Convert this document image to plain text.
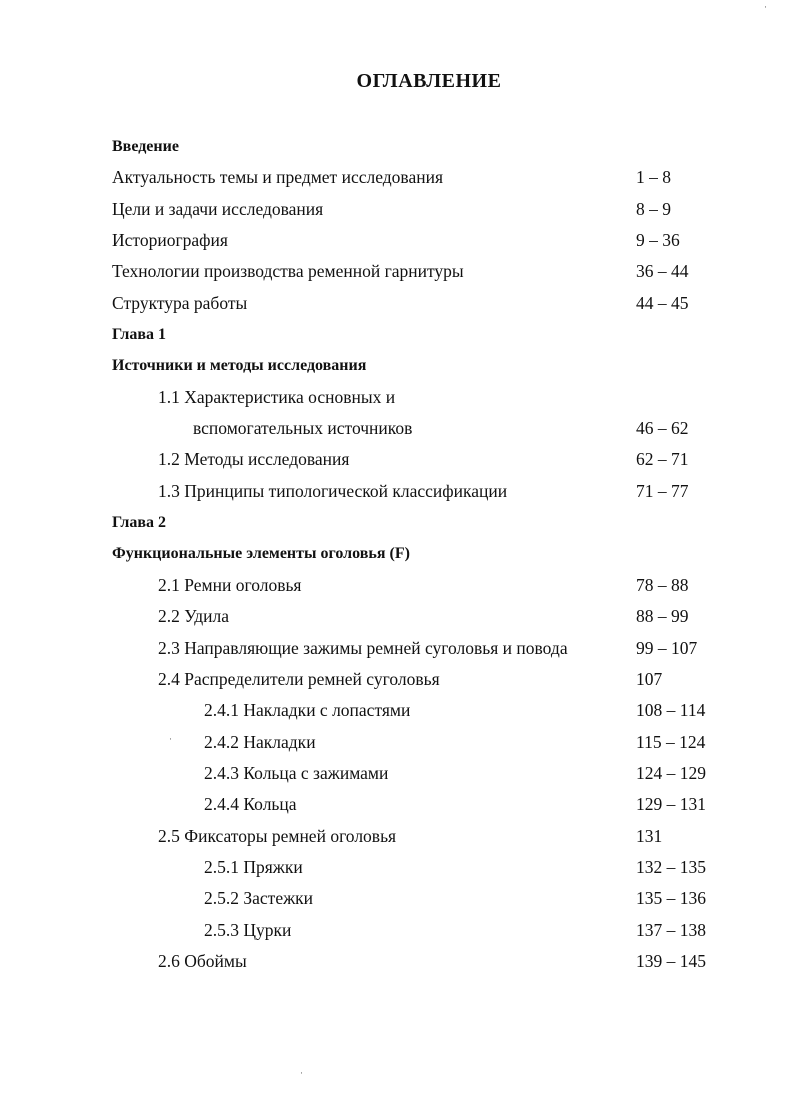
ОГЛАВЛЕНИЕ
Введение
Актуальность темы и предмет исследования	1 – 8
Цели и задачи исследования	8 – 9
Историография	9 – 36
Технологии производства ременной гарнитуры	36 – 44
Структура работы	44 – 45
Глава 1
Источники и методы исследования
1.1 Характеристика основных и
вспомогательных источников	46 – 62
1.2 Методы исследования	62 – 71
1.3 Принципы типологической классификации	71 – 77
Глава 2
Функциональные элементы оголовья (F)
2.1 Ремни оголовья	78 – 88
2.2 Удила	88 – 99
2.3 Направляющие зажимы ремней суголовья и повода	99 – 107
2.4 Распределители ремней суголовья	107
2.4.1 Накладки с лопастями	108 – 114
2.4.2 Накладки	115 – 124
2.4.3 Кольца с зажимами	124 – 129
2.4.4 Кольца	129 – 131
2.5 Фиксаторы ремней оголовья	131
2.5.1 Пряжки	132 – 135
2.5.2 Застежки	135 – 136
2.5.3 Цурки	137 – 138
2.6 Обоймы	139 – 145
·
·
·
